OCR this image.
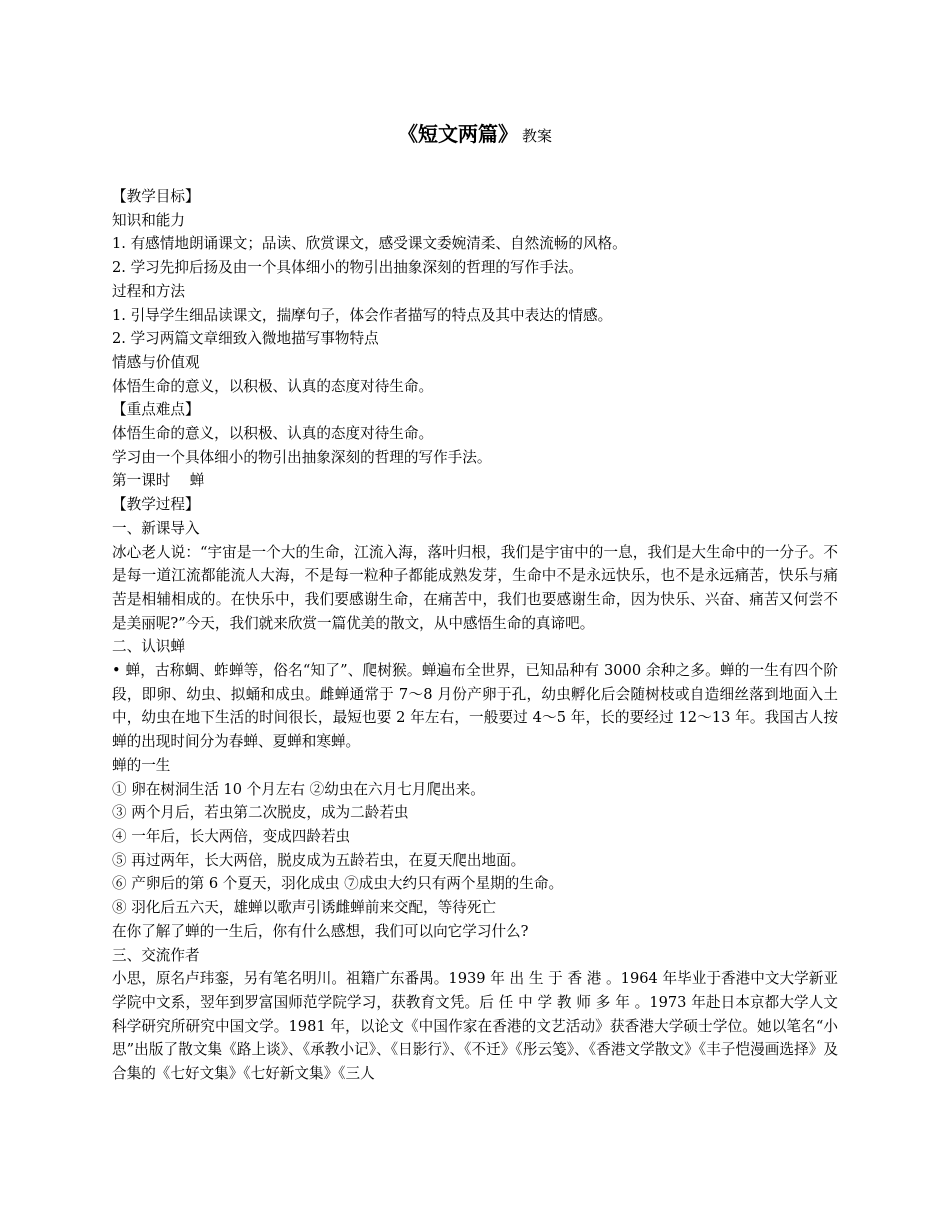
《短文两篇》 教案

【教学目标】

知识和能力

1. 有感情地朗诵课文；品读、欣赏课文，感受课文委婉清柔、自然流畅的风格。

2. 学习先抑后扬及由一个具体细小的物引出抽象深刻的哲理的写作手法。

过程和方法

1. 引导学生细品读课文，揣摩句子，体会作者描写的特点及其中表达的情感。

2. 学习两篇文章细致入微地描写事物特点

情感与价值观

体悟生命的意义，以积极、认真的态度对待生命。

【重点难点】

体悟生命的意义，以积极、认真的态度对待生命。

学习由一个具体细小的物引出抽象深刻的哲理的写作手法。

第一课时　 蝉

【教学过程】

一、新课导入

冰心老人说：“宇宙是一个大的生命，江流入海，落叶归根，我们是宇宙中的一息，我们是大生命中的一分子。不是每一道江流都能流人大海，不是每一粒种子都能成熟发芽，生命中不是永远快乐，也不是永远痛苦，快乐与痛苦是相辅相成的。在快乐中，我们要感谢生命，在痛苦中，我们也要感谢生命，因为快乐、兴奋、痛苦又何尝不是美丽呢?”今天，我们就来欣赏一篇优美的散文，从中感悟生命的真谛吧。

二、认识蝉

• 蝉，古称蜩、蚱蝉等，俗名“知了”、爬树猴。蝉遍布全世界，已知品种有 3000 余种之多。蝉的一生有四个阶段，即卵、幼虫、拟蛹和成虫。雌蝉通常于 7～8 月份产卵于孔，幼虫孵化后会随树枝或自造细丝落到地面入土中，幼虫在地下生活的时间很长，最短也要 2 年左右，一般要过 4～5 年，长的要经过 12～13 年。我国古人按蝉的出现时间分为春蝉、夏蝉和寒蝉。

蝉的一生

① 卵在树洞生活 10 个月左右 ②幼虫在六月七月爬出来。

③ 两个月后，若虫第二次脱皮，成为二龄若虫

④ 一年后，长大两倍，变成四龄若虫

⑤ 再过两年，长大两倍，脱皮成为五龄若虫，在夏天爬出地面。

⑥ 产卵后的第 6 个夏天，羽化成虫 ⑦成虫大约只有两个星期的生命。

⑧ 羽化后五六天，雄蝉以歌声引诱雌蝉前来交配，等待死亡

在你了解了蝉的一生后，你有什么感想，我们可以向它学习什么?

三、交流作者

小思，原名卢玮銮，另有笔名明川。祖籍广东番禺。1939 年 出 生 于 香 港 。1964 年毕业于香港中文大学新亚学院中文系，翌年到罗富国师范学院学习，获教育文凭。后 任 中 学 教 师 多 年 。1973 年赴日本京都大学人文科学研究所研究中国文学。1981 年，以论文《中国作家在香港的文艺活动》获香港大学硕士学位。她以笔名“小思”出版了散文集《路上谈》、《承教小记》、《日影行》、《不迁》《彤云笺》、《香港文学散文》《丰子恺漫画选择》及合集的《七好文集》《七好新文集》《三人
